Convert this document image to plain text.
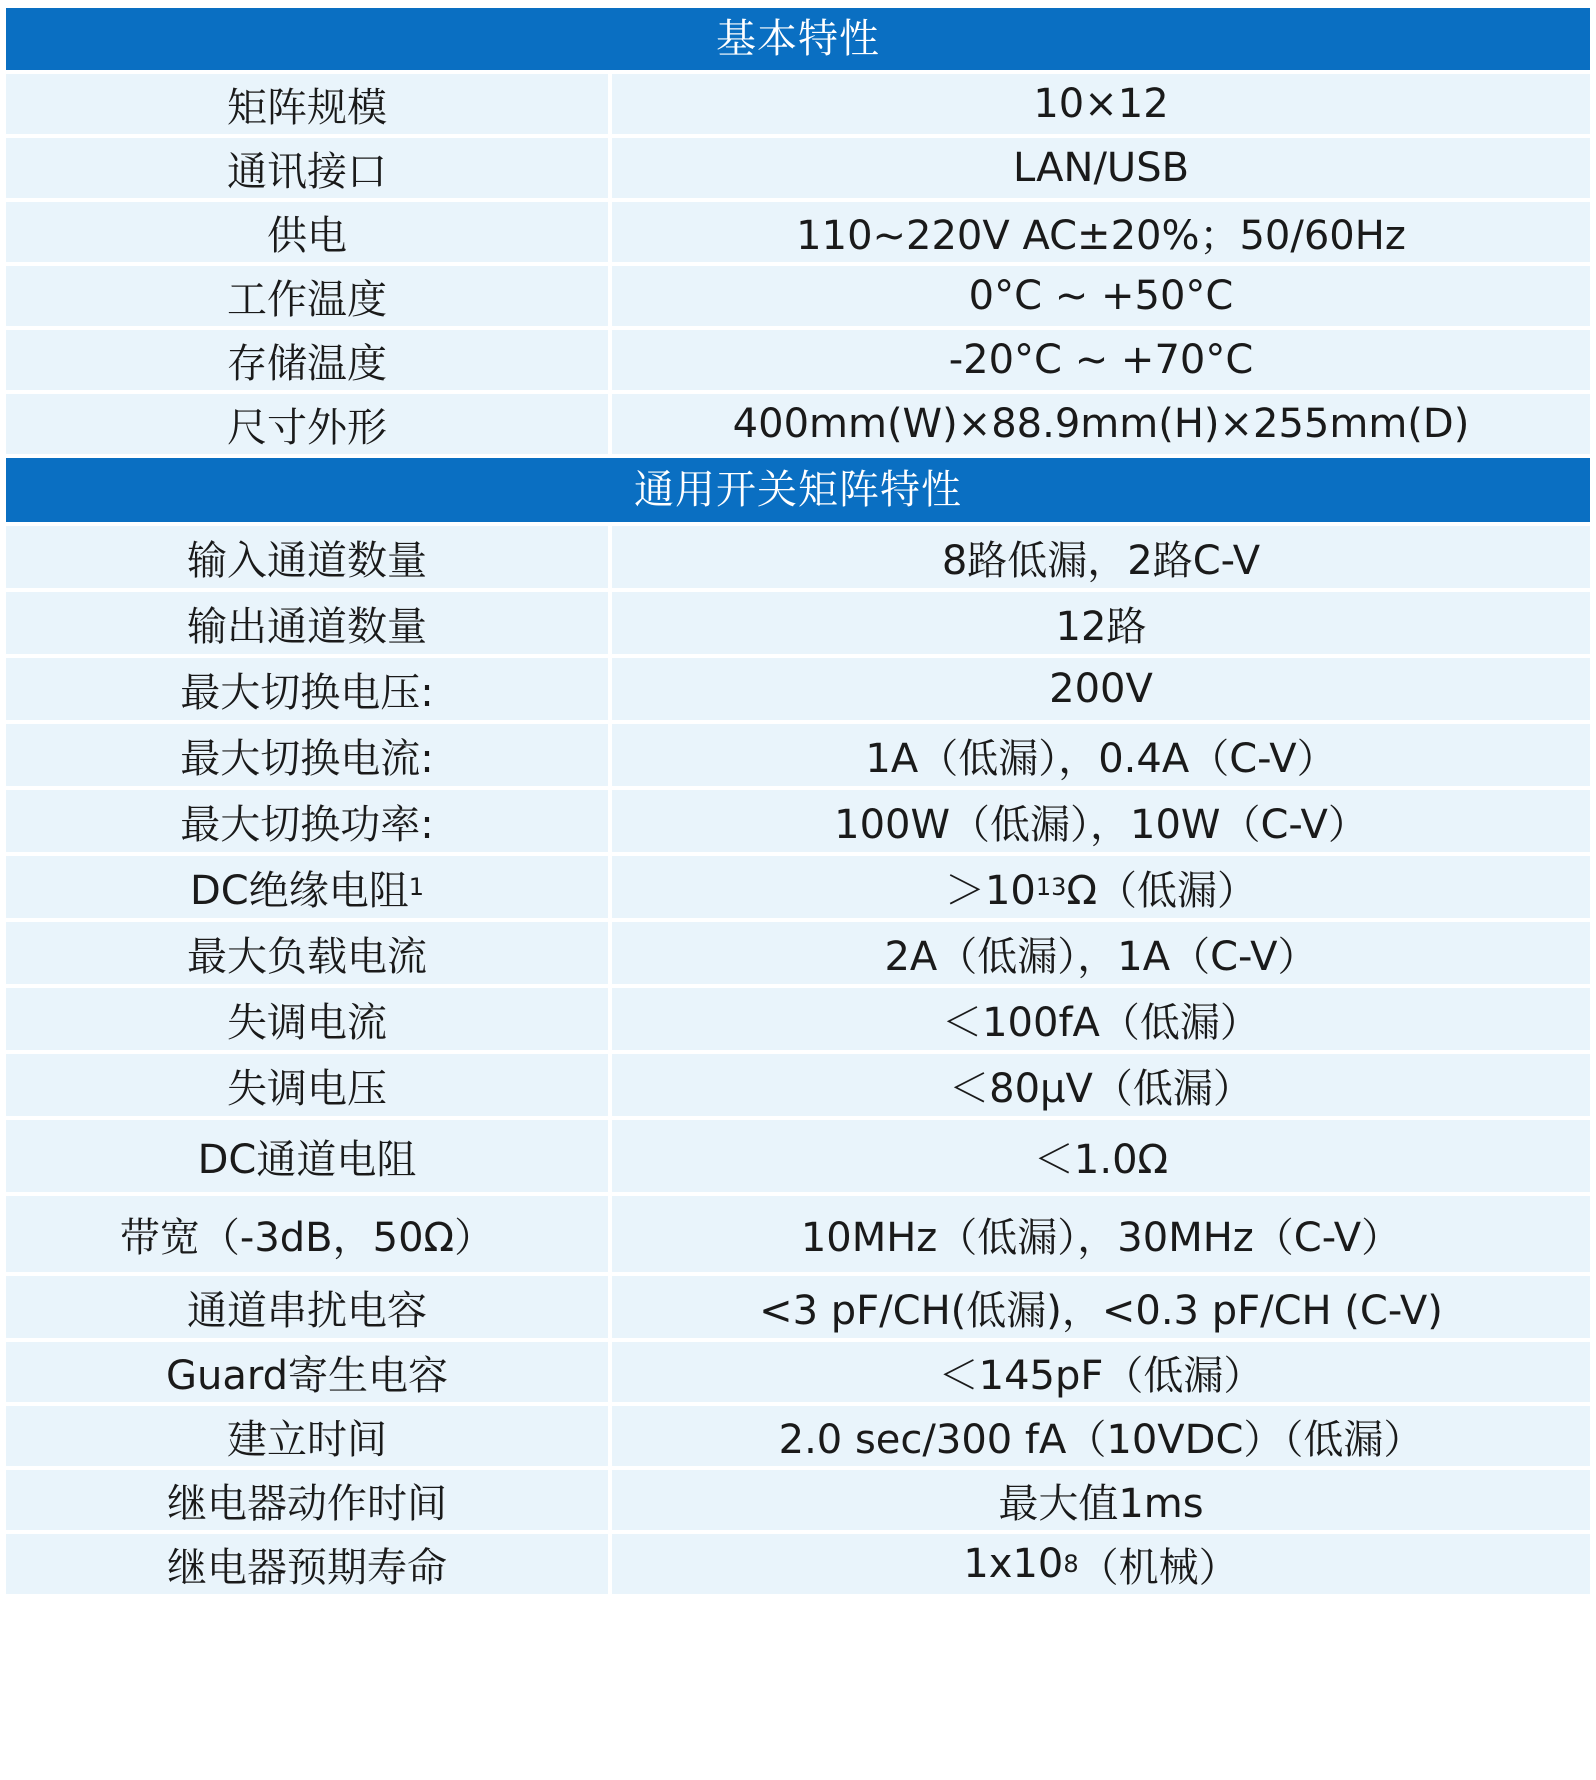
基本特性
矩阵规模	10×12
通讯接口	LAN/USB
供电	110~220V AC±20%；50/60Hz
工作温度	0°C ~ +50°C
存储温度	-20°C ~ +70°C
尺寸外形	400mm(W)×88.9mm(H)×255mm(D)
通用开关矩阵特性
输入通道数量	8路低漏，2路C-V
输出通道数量	12路
最大切换电压:	200V
最大切换电流:	1A（低漏），0.4A（C-V）
最大切换功率:	100W（低漏），10W（C-V）
DC绝缘电阻 1	＞10 13 Ω（低漏）
最大负载电流	2A（低漏），1A（C-V）
失调电流	＜100fA（低漏）
失调电压	＜80μV（低漏）
DC通道电阻	＜1.0Ω
带宽（-3dB，50Ω）	10MHz（低漏），30MHz（C-V）
通道串扰电容	<3 pF/CH(低漏)，<0.3 pF/CH (C-V)
Guard寄生电容	＜145pF（低漏）
建立时间	2.0 sec/300 fA（10VDC）（低漏）
继电器动作时间	最大值1ms
继电器预期寿命	1x10 8 （机械）
